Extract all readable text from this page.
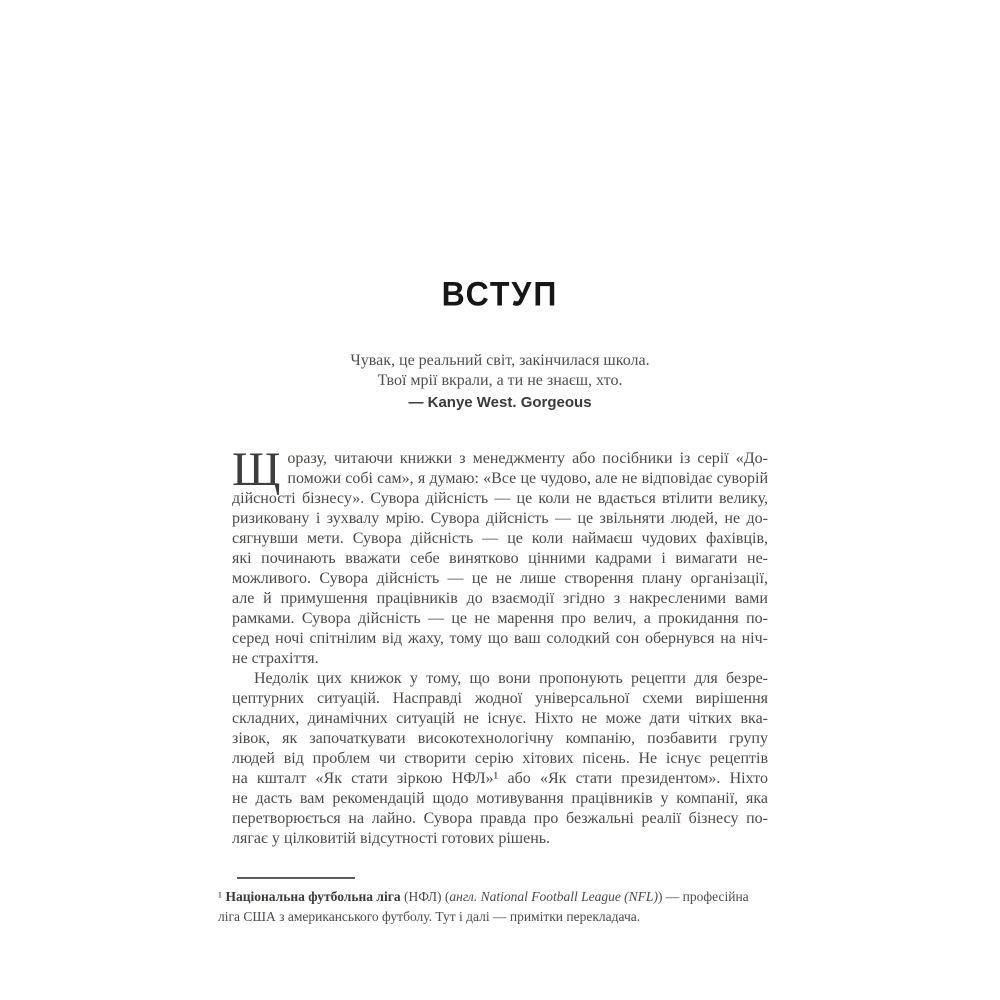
ВСТУП
Чувак, це реальний світ, закінчилася школа.
Твої мрії вкрали, а ти не знаєш, хто.
— Kanye West. Gorgeous
Щ оразу, читаючи книжки з менеджменту або посібники із серії «До-
поможи собі сам», я думаю: «Все це чудово, але не відповідає суворій
дійсності бізнесу». Сувора дійсність — це коли не вдається втілити велику,
ризиковану і зухвалу мрію. Сувора дійсність — це звільняти людей, не до-
сягнувши мети. Сувора дійсність — це коли наймаєш чудових фахівців,
які починають вважати себе винятково цінними кадрами і вимагати не-
можливого. Сувора дійсність — це не лише створення плану організації,
але й примушення працівників до взаємодії згідно з накресленими вами
рамками. Сувора дійсність — це не марення про велич, а прокидання по-
серед ночі спітнілим від жаху, тому що ваш солодкий сон обернувся на ніч-
не страхіття.
Недолік цих книжок у тому, що вони пропонують рецепти для безре-
цептурних ситуацій. Насправді жодної універсальної схеми вирішення
складних, динамічних ситуацій не існує. Ніхто не може дати чітких вка-
зівок, як започаткувати високотехнологічну компанію, позбавити групу
людей від проблем чи створити серію хітових пісень. Не існує рецептів
на кшталт «Як стати зіркою НФЛ»¹ або «Як стати президентом». Ніхто
не дасть вам рекомендацій щодо мотивування працівників у компанії, яка
перетворюється на лайно. Сувора правда про безжальні реалії бізнесу по-
лягає у цілковитій відсутності готових рішень.
¹ Національна футбольна ліга (НФЛ) (англ. National Football League (NFL)) — професійна
ліга США з американського футболу. Тут і далі — примітки перекладача.
